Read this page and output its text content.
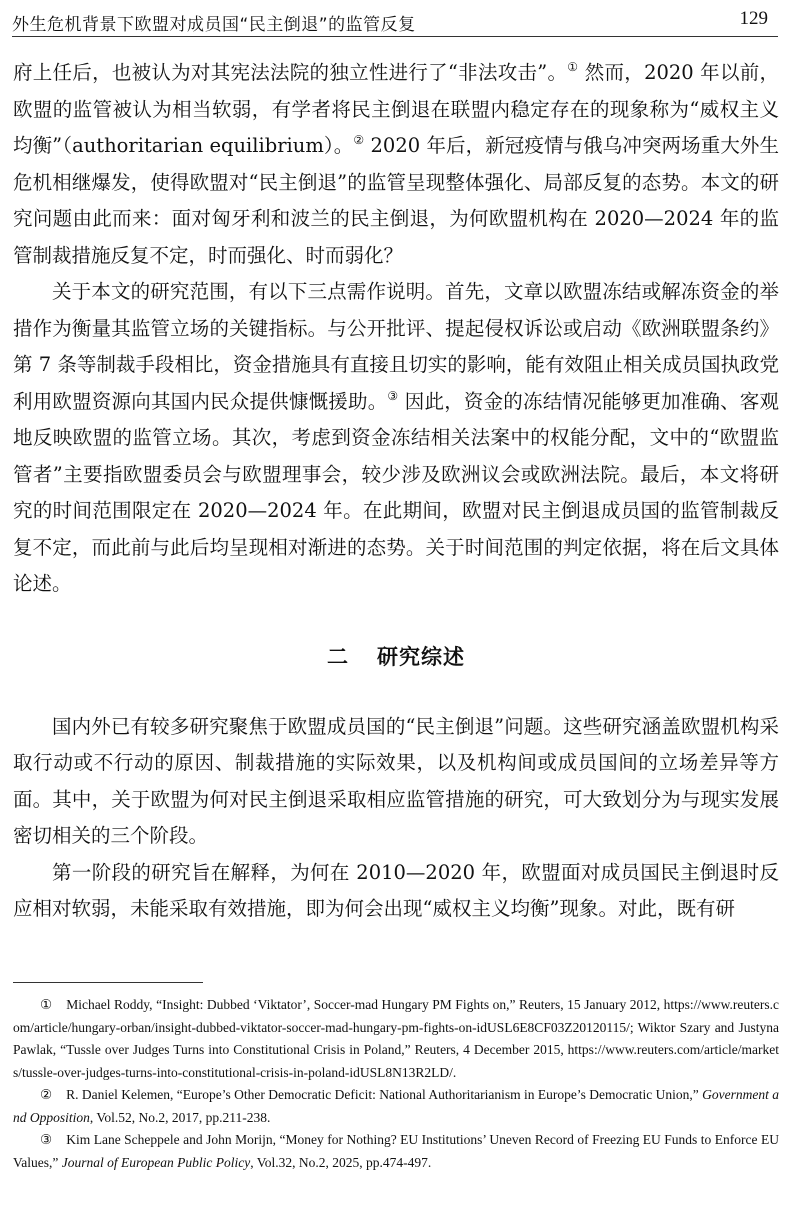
外生危机背景下欧盟对成员国“民主倒退”的监管反复	129

府上任后，也被认为对其宪法法院的独立性进行了“非法攻击”。① 然而，2020 年以前，欧盟的监管被认为相当软弱，有学者将民主倒退在联盟内稳定存在的现象称为“威权主义均衡”（authoritarian equilibrium）。② 2020 年后，新冠疫情与俄乌冲突两场重大外生危机相继爆发，使得欧盟对“民主倒退”的监管呈现整体强化、局部反复的态势。本文的研究问题由此而来：面对匈牙利和波兰的民主倒退，为何欧盟机构在 2020—2024 年的监管制裁措施反复不定，时而强化、时而弱化？

关于本文的研究范围，有以下三点需作说明。首先，文章以欧盟冻结或解冻资金的举措作为衡量其监管立场的关键指标。与公开批评、提起侵权诉讼或启动《欧洲联盟条约》第 7 条等制裁手段相比，资金措施具有直接且切实的影响，能有效阻止相关成员国执政党利用欧盟资源向其国内民众提供慷慨援助。③ 因此，资金的冻结情况能够更加准确、客观地反映欧盟的监管立场。其次，考虑到资金冻结相关法案中的权能分配，文中的“欧盟监管者”主要指欧盟委员会与欧盟理事会，较少涉及欧洲议会或欧洲法院。最后，本文将研究的时间范围限定在 2020—2024 年。在此期间，欧盟对民主倒退成员国的监管制裁反复不定，而此前与此后均呈现相对渐进的态势。关于时间范围的判定依据，将在后文具体论述。

二 研究综述

国内外已有较多研究聚焦于欧盟成员国的“民主倒退”问题。这些研究涵盖欧盟机构采取行动或不行动的原因、制裁措施的实际效果，以及机构间或成员国间的立场差异等方面。其中，关于欧盟为何对民主倒退采取相应监管措施的研究，可大致划分为与现实发展密切相关的三个阶段。

第一阶段的研究旨在解释，为何在 2010—2020 年，欧盟面对成员国民主倒退时反应相对软弱，未能采取有效措施，即为何会出现“威权主义均衡”现象。对此，既有研

① Michael Roddy, “Insight: Dubbed ‘Viktator’, Soccer-mad Hungary PM Fights on,” Reuters, 15 January 2012, https://www.reuters.com/article/hungary-orban/insight-dubbed-viktator-soccer-mad-hungary-pm-fights-on-idUSL6E8CF03Z20120115/; Wiktor Szary and Justyna Pawlak, “Tussle over Judges Turns into Constitutional Crisis in Poland,” Reuters, 4 December 2015, https://www.reuters.com/article/markets/tussle-over-judges-turns-into-constitutional-crisis-in-poland-idUSL8N13R2LD/.

② R. Daniel Kelemen, “Europe’s Other Democratic Deficit: National Authoritarianism in Europe’s Democratic Union,” Government and Opposition, Vol.52, No.2, 2017, pp.211-238.

③ Kim Lane Scheppele and John Morijn, “Money for Nothing? EU Institutions’ Uneven Record of Freezing EU Funds to Enforce EU Values,” Journal of European Public Policy, Vol.32, No.2, 2025, pp.474-497.
